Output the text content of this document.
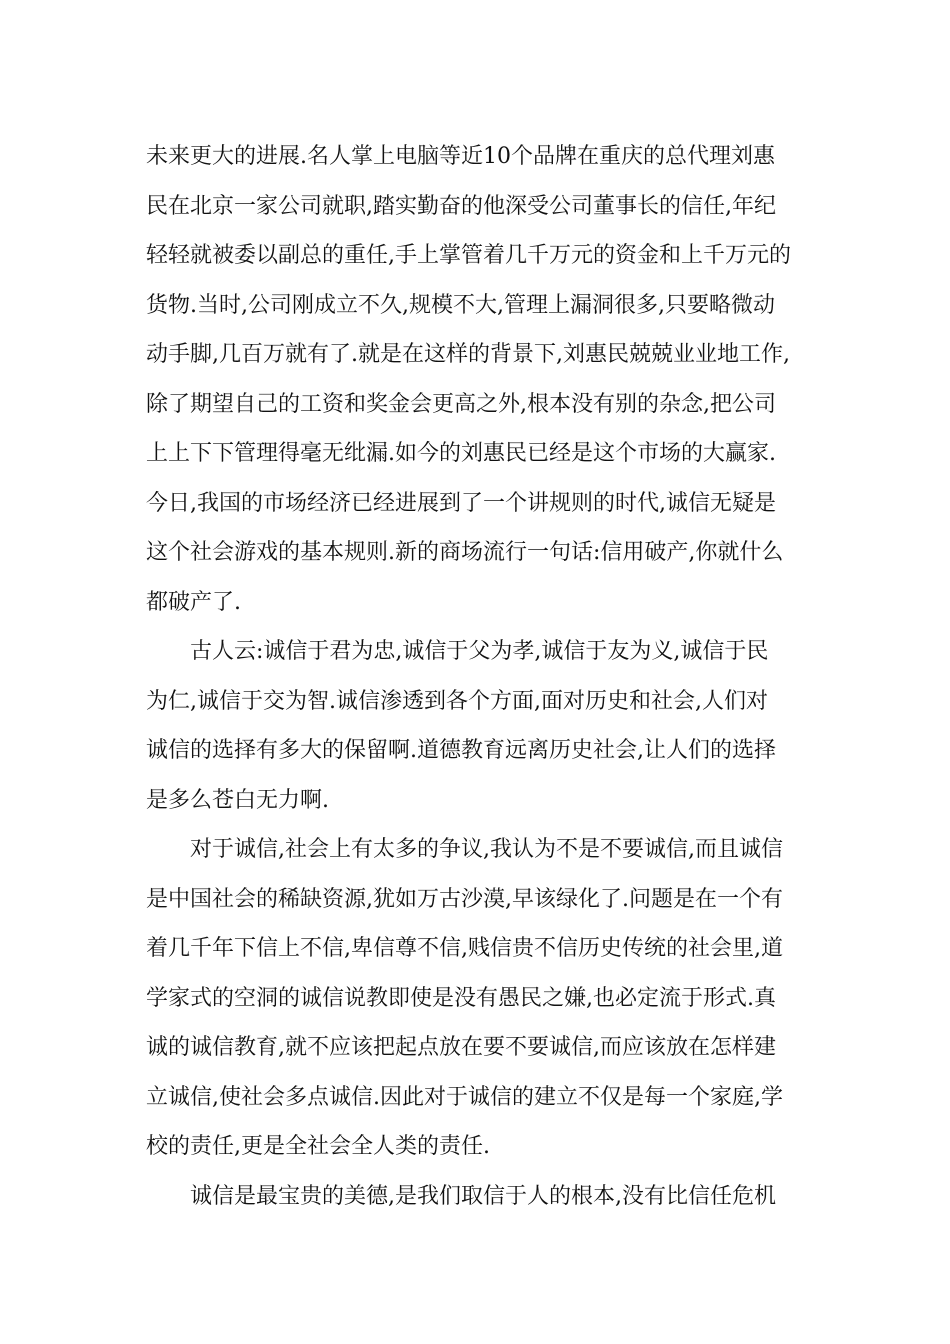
未来更大的进展.名人掌上电脑等近10个品牌在重庆的总代理刘惠
民在北京一家公司就职,踏实勤奋的他深受公司董事长的信任,年纪
轻轻就被委以副总的重任,手上掌管着几千万元的资金和上千万元的
货物.当时,公司刚成立不久,规模不大,管理上漏洞很多,只要略微动
动手脚,几百万就有了.就是在这样的背景下,刘惠民兢兢业业地工作,
除了期望自己的工资和奖金会更高之外,根本没有别的杂念,把公司
上上下下管理得毫无纰漏.如今的刘惠民已经是这个市场的大赢家.
今日,我国的市场经济已经进展到了一个讲规则的时代,诚信无疑是
这个社会游戏的基本规则.新的商场流行一句话:信用破产,你就什么
都破产了.
古人云:诚信于君为忠,诚信于父为孝,诚信于友为义,诚信于民
为仁,诚信于交为智.诚信渗透到各个方面,面对历史和社会,人们对
诚信的选择有多大的保留啊.道德教育远离历史社会,让人们的选择
是多么苍白无力啊.
对于诚信,社会上有太多的争议,我认为不是不要诚信,而且诚信
是中国社会的稀缺资源,犹如万古沙漠,早该绿化了.问题是在一个有
着几千年下信上不信,卑信尊不信,贱信贵不信历史传统的社会里,道
学家式的空洞的诚信说教即使是没有愚民之嫌,也必定流于形式.真
诚的诚信教育,就不应该把起点放在要不要诚信,而应该放在怎样建
立诚信,使社会多点诚信.因此对于诚信的建立不仅是每一个家庭,学
校的责任,更是全社会全人类的责任.
诚信是最宝贵的美德,是我们取信于人的根本,没有比信任危机
